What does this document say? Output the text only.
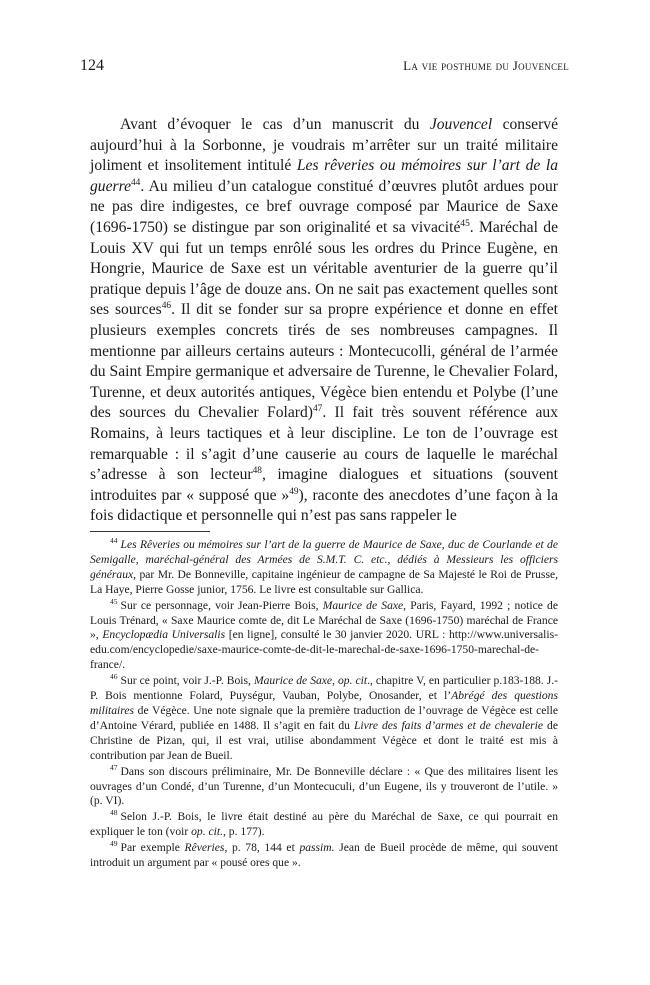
124	La vie posthume du Jouvencel

Avant d’évoquer le cas d’un manuscrit du Jouvencel conservé aujourd’hui à la Sorbonne, je voudrais m’arrêter sur un traité militaire joliment et insolitement intitulé Les rêveries ou mémoires sur l’art de la guerre$^{44}$. Au milieu d’un catalogue constitué d’œuvres plutôt ardues pour ne pas dire indigestes, ce bref ouvrage composé par Maurice de Saxe (1696-1750) se distingue par son originalité et sa vivacité$^{45}$. Maréchal de Louis XV qui fut un temps enrôlé sous les ordres du Prince Eugène, en Hongrie, Maurice de Saxe est un véritable aventurier de la guerre qu’il pratique depuis l’âge de douze ans. On ne sait pas exactement quelles sont ses sources$^{46}$. Il dit se fonder sur sa propre expérience et donne en effet plusieurs exemples concrets tirés de ses nombreuses campagnes. Il mentionne par ailleurs certains auteurs : Montecucolli, général de l’armée du Saint Empire germanique et adversaire de Turenne, le Chevalier Folard, Turenne, et deux autorités antiques, Végèce bien entendu et Polybe (l’une des sources du Chevalier Folard)$^{47}$. Il fait très souvent référence aux Romains, à leurs tactiques et à leur discipline. Le ton de l’ouvrage est remarquable : il s’agit d’une causerie au cours de laquelle le maréchal s’adresse à son lecteur$^{48}$, imagine dialogues et situations (souvent introduites par « supposé que »$^{49}$), raconte des anecdotes d’une façon à la fois didactique et personnelle qui n’est pas sans rappeler le

$^{44}$ Les Rêveries ou mémoires sur l’art de la guerre de Maurice de Saxe, duc de Courlande et de Semigalle, maréchal-général des Armées de S.M.T. C. etc., dédiés à Messieurs les officiers généraux, par Mr. De Bonneville, capitaine ingénieur de campagne de Sa Majesté le Roi de Prusse, La Haye, Pierre Gosse junior, 1756. Le livre est consultable sur Gallica.

$^{45}$ Sur ce personnage, voir Jean-Pierre Bois, Maurice de Saxe, Paris, Fayard, 1992 ; notice de Louis Trénard, « Saxe Maurice comte de, dit Le Maréchal de Saxe (1696-1750) maréchal de France », Encyclopædia Universalis [en ligne], consulté le 30 janvier 2020. URL : http://www.universalis-edu.com/encyclopedie/saxe-maurice-comte-de-dit-le-marechal-de-saxe-1696-1750-marechal-de-france/.

$^{46}$ Sur ce point, voir J.-P. Bois, Maurice de Saxe, op. cit., chapitre V, en particulier p.183-188. J.-P. Bois mentionne Folard, Puységur, Vauban, Polybe, Onosander, et l’Abrégé des questions militaires de Végèce. Une note signale que la première traduction de l’ouvrage de Végèce est celle d’Antoine Vérard, publiée en 1488. Il s’agit en fait du Livre des faits d’armes et de chevalerie de Christine de Pizan, qui, il est vrai, utilise abondamment Végèce et dont le traité est mis à contribution par Jean de Bueil.

$^{47}$ Dans son discours préliminaire, Mr. De Bonneville déclare : « Que des militaires lisent les ouvrages d’un Condé, d’un Turenne, d’un Montecuculi, d’un Eugene, ils y trouveront de l’utile. » (p. VI).

$^{48}$ Selon J.-P. Bois, le livre était destiné au père du Maréchal de Saxe, ce qui pourrait en expliquer le ton (voir op. cit., p. 177).

$^{49}$ Par exemple Rêveries, p. 78, 144 et passim. Jean de Bueil procède de même, qui souvent introduit un argument par « pousé ores que ».
